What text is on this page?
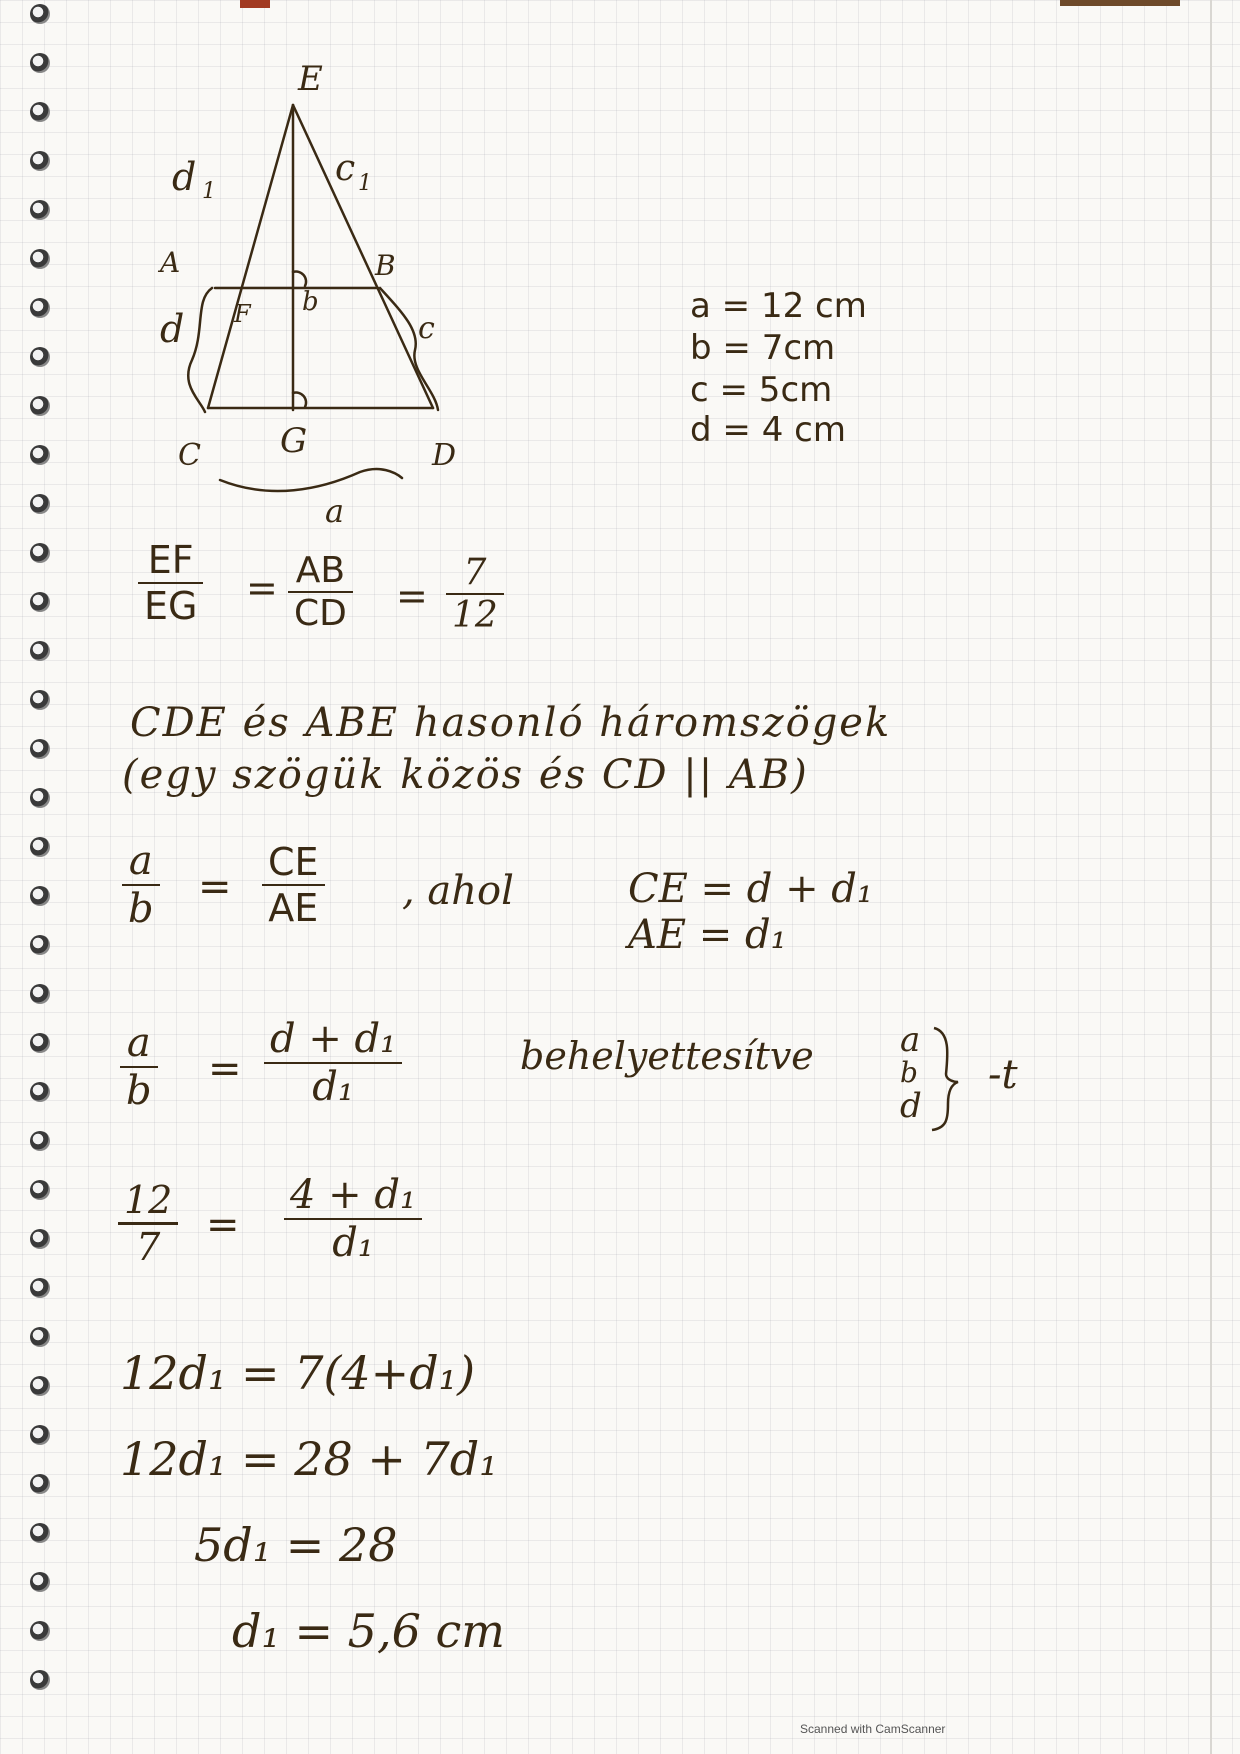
E
d 1
c 1
A	B
F b
d	c
C G	D
a
a = 12 cm
b = 7cm
c = 5cm
d = 4 cm
$\frac{EF}{EG} = \frac{AB}{CD} = \frac{7}{12}$
CDE és ABE hasonló háromszögek
(egy szögük közös és CD || AB)
$\frac{a}{b} = \frac{CE}{AE}$ , ahol	CE = d + d₁
AE = d₁
$\frac{a}{b} = \frac{\text{d + d₁}}{\text{d₁}}$	behelyettesítve	a
b
d
-t
$\frac{12}{7} = \frac{\text{4 + d₁}}{\text{d₁}}$
12d₁ = 7(4+d₁)
12d₁ = 28 + 7d₁
5d₁ = 28
d₁ = 5,6 cm
Scanned with CamScanner
